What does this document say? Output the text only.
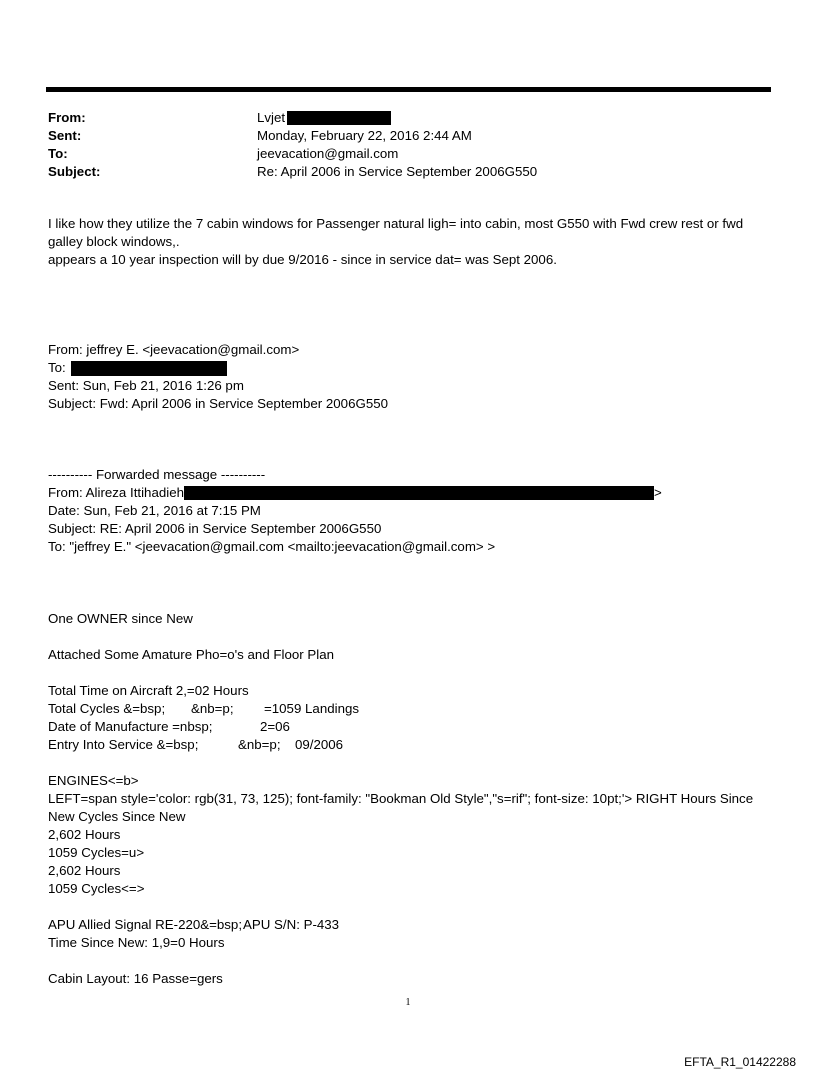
From:	Lvjet
Sent:	Monday, February 22, 2016 2:44 AM
To:	jeevacation@gmail.com
Subject:	Re: April 2006 in Service September 2006G550
I like how they utilize the 7 cabin windows for Passenger natural ligh= into cabin, most G550 with Fwd crew rest or fwd galley block windows,.
appears a 10 year inspection will by due 9/2016 - since in service dat= was Sept 2006.
From: jeffrey E. <jeevacation@gmail.com>
To:
Sent: Sun, Feb 21, 2016 1:26 pm
Subject: Fwd: April 2006 in Service September 2006G550
---------- Forwarded message ----------
From: Alireza Ittihadieh	>
Date: Sun, Feb 21, 2016 at 7:15 PM
Subject: RE: April 2006 in Service September 2006G550
To: "jeffrey E." <jeevacation@gmail.com <mailto:jeevacation@gmail.com> >
One OWNER since New
Attached Some Amature Pho=o's and Floor Plan
Total Time on Aircraft 2,=02 Hours
Total Cycles &=bsp; &nb=p; =1059 Landings
Date of Manufacture =nbsp;	2=06
Entry Into Service &=bsp;	&nb=p; 09/2006
ENGINES<=b>
LEFT=span style='color: rgb(31, 73, 125); font-family: "Bookman Old Style","s=rif"; font-size: 10pt;'> RIGHT Hours Since
New Cycles Since New
2,602 Hours
1059 Cycles=u>
2,602 Hours
1059 Cycles<=>
APU Allied Signal RE-220&=bsp;APU S/N: P-433
Time Since New: 1,9=0 Hours
Cabin Layout: 16 Passe=gers
1
EFTA_R1_01422288
